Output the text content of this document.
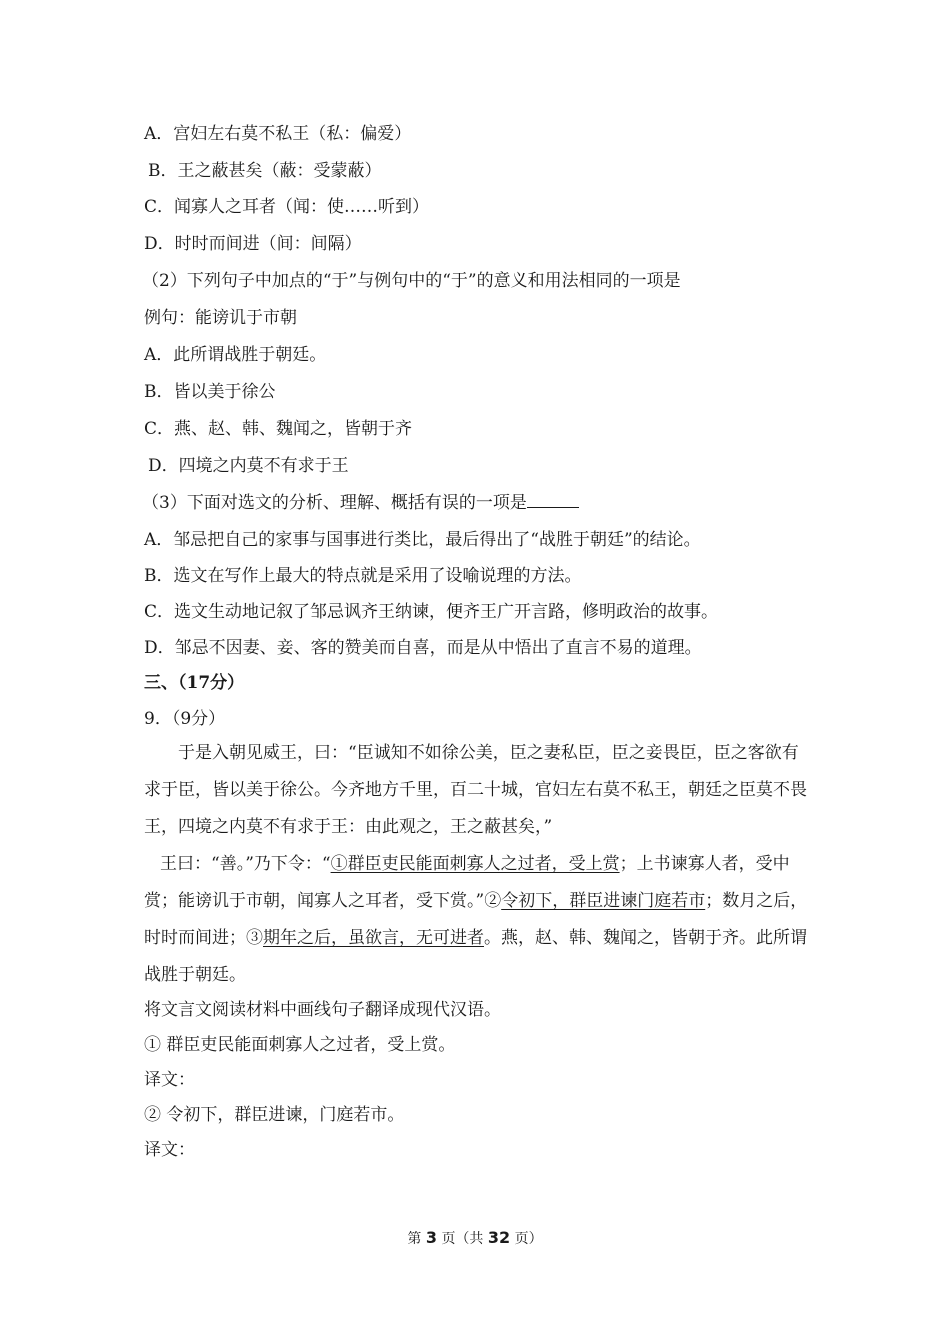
A．宫妇左右莫不私王（私：偏爱）
B．王之蔽甚矣（蔽：受蒙蔽）
C．闻寡人之耳者（闻：使……听到）
D．时时而间进（间：间隔）
（2）下列句子中加点的“于”与例句中的“于”的意义和用法相同的一项是
例句：能谤讥于市朝
A．此所谓战胜于朝廷。
B．皆以美于徐公
C．燕、赵、韩、魏闻之，皆朝于齐
D．四境之内莫不有求于王
（3）下面对选文的分析、理解、概括有误的一项是
A．邹忌把自己的家事与国事进行类比，最后得出了“战胜于朝廷”的结论。
B．选文在写作上最大的特点就是采用了设喻说理的方法。
C．选文生动地记叙了邹忌讽齐王纳谏，便齐王广开言路，修明政治的故事。
D．邹忌不因妻、妾、客的赞美而自喜，而是从中悟出了直言不易的道理。
三、（17分）
9．（9分）
于是入朝见威王，曰：“臣诚知不如徐公美，臣之妻私臣，臣之妾畏臣，臣之客欲有求于臣，皆以美于徐公。今齐地方千里，百二十城，官妇左右莫不私王，朝廷之臣莫不畏王，四境之内莫不有求于王：由此观之，王之蔽甚矣，”
王曰：“善。”乃下令：“①群臣吏民能面刺寡人之过者，受上赏；上书谏寡人者，受中赏；能谤讥于市朝，闻寡人之耳者，受下赏。”②令初下，群臣进谏门庭若市；数月之后，时时而间进；③期年之后，虽欲言，无可进者。燕，赵、韩、魏闻之，皆朝于齐。此所谓战胜于朝廷。
将文言文阅读材料中画线句子翻译成现代汉语。
① 群臣吏民能面刺寡人之过者，受上赏。
译文：
② 令初下，群臣进谏，门庭若市。
译文：
第 3 页（共 32 页）
